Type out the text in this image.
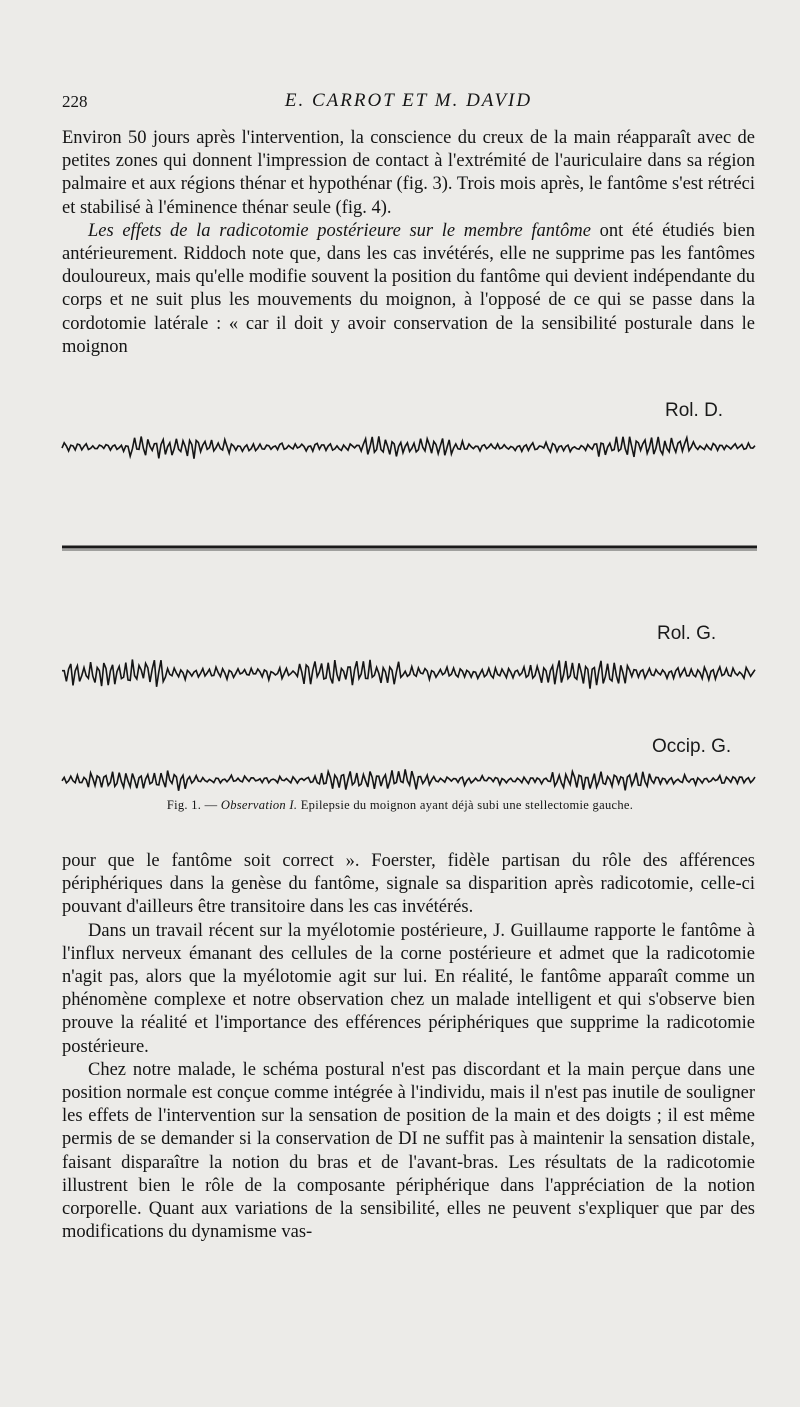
228	E. CARROT ET M. DAVID

Environ 50 jours après l'intervention, la conscience du creux de la main réapparaît avec de petites zones qui donnent l'impression de contact à l'extrémité de l'auriculaire dans sa région palmaire et aux régions thénar et hypothénar (fig. 3). Trois mois après, le fantôme s'est rétréci et stabilisé à l'éminence thénar seule (fig. 4).

Les effets de la radicotomie postérieure sur le membre fantôme ont été étudiés bien antérieurement. Riddoch note que, dans les cas invétérés, elle ne supprime pas les fantômes douloureux, mais qu'elle modifie souvent la position du fantôme qui devient indépendante du corps et ne suit plus les mouvements du moignon, à l'opposé de ce qui se passe dans la cordotomie latérale : « car il doit y avoir conservation de la sensibilité posturale dans le moignon

Rol. D.
Rol. G.
Occip. G.
Fig. 1. — Observation I. Epilepsie du moignon ayant déjà subi une stellectomie gauche.

pour que le fantôme soit correct ». Foerster, fidèle partisan du rôle des afférences périphériques dans la genèse du fantôme, signale sa disparition après radicotomie, celle-ci pouvant d'ailleurs être transitoire dans les cas invétérés.

Dans un travail récent sur la myélotomie postérieure, J. Guillaume rapporte le fantôme à l'influx nerveux émanant des cellules de la corne postérieure et admet que la radicotomie n'agit pas, alors que la myélotomie agit sur lui. En réalité, le fantôme apparaît comme un phénomène complexe et notre observation chez un malade intelligent et qui s'observe bien prouve la réalité et l'importance des efférences périphériques que supprime la radicotomie postérieure.

Chez notre malade, le schéma postural n'est pas discordant et la main perçue dans une position normale est conçue comme intégrée à l'individu, mais il n'est pas inutile de souligner les effets de l'intervention sur la sensation de position de la main et des doigts ; il est même permis de se demander si la conservation de DI ne suffit pas à maintenir la sensation distale, faisant disparaître la notion du bras et de l'avant-bras. Les résultats de la radicotomie illustrent bien le rôle de la composante périphérique dans l'appréciation de la notion corporelle. Quant aux variations de la sensibilité, elles ne peuvent s'expliquer que par des modifications du dynamisme vas-
